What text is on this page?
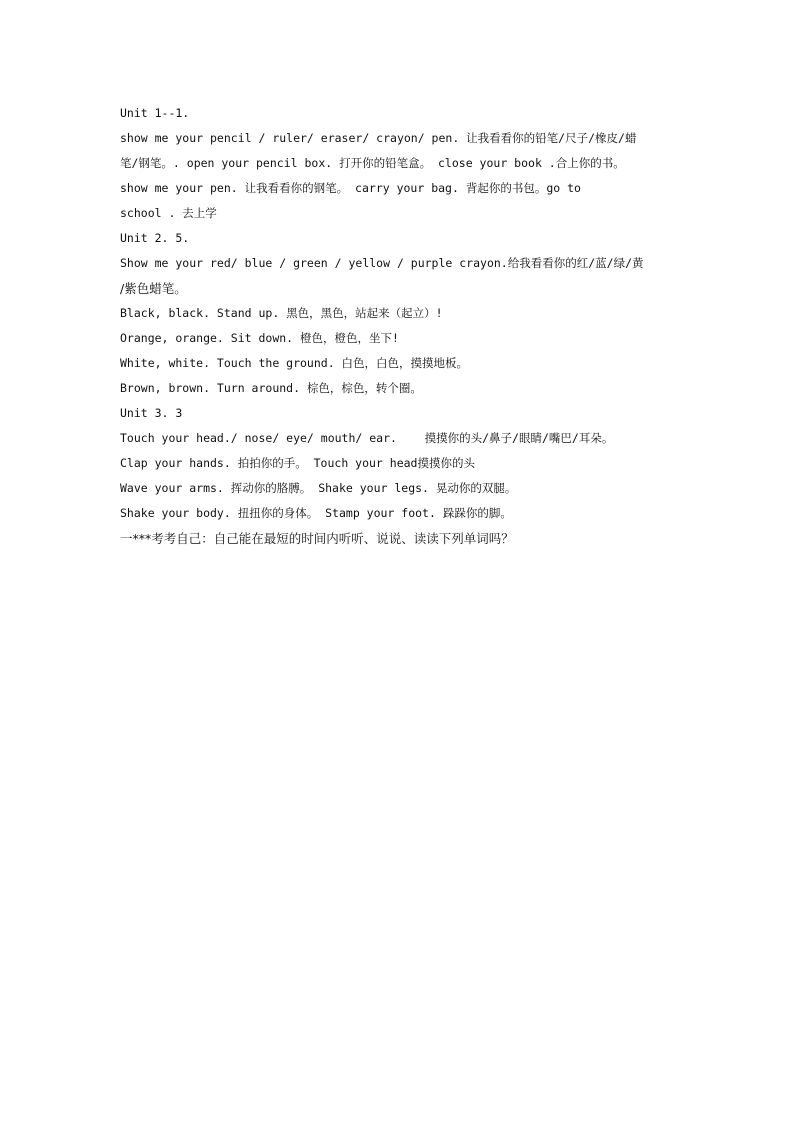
Unit 1--1.
show me your pencil / ruler/ eraser/ crayon/ pen. 让我看看你的铅笔/尺子/橡皮/蜡
笔/钢笔。. open your pencil box. 打开你的铅笔盒。 close your book .合上你的书。
show me your pen. 让我看看你的钢笔。 carry your bag. 背起你的书包。go to
school . 去上学
Unit 2. 5.
Show me your red/ blue / green / yellow / purple crayon.给我看看你的红/蓝/绿/黄
/紫色蜡笔。
Black, black. Stand up. 黑色，黑色，站起来（起立）!
Orange, orange. Sit down. 橙色，橙色，坐下!
White, white. Touch the ground. 白色，白色，摸摸地板。
Brown, brown. Turn around. 棕色，棕色，转个圈。
Unit 3. 3
Touch your head./ nose/ eye/ mouth/ ear.    摸摸你的头/鼻子/眼睛/嘴巴/耳朵。
Clap your hands. 拍拍你的手。 Touch your head摸摸你的头
Wave your arms. 挥动你的胳膊。 Shake your legs. 晃动你的双腿。
Shake your body. 扭扭你的身体。 Stamp your foot. 跺跺你的脚。
一***考考自己：自己能在最短的时间内听听、说说、读读下列单词吗？
